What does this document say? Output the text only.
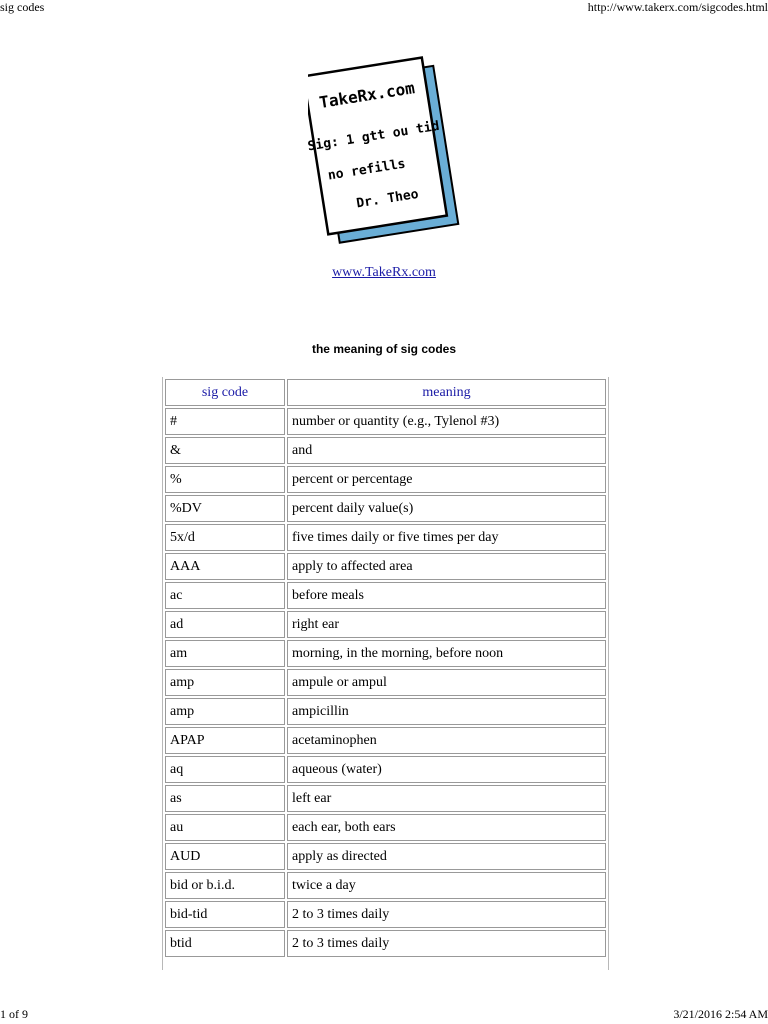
sig codes	http://www.takerx.com/sigcodes.html
TakeRx.com
Sig: 1 gtt ou tid
no refills
Dr. Theo
www.TakeRx.com
the meaning of sig codes
sig code	meaning
#	number or quantity (e.g., Tylenol #3)
&	and
%	percent or percentage
%DV	percent daily value(s)
5x/d	five times daily or five times per day
AAA	apply to affected area
ac	before meals
ad	right ear
am	morning, in the morning, before noon
amp	ampule or ampul
amp	ampicillin
APAP	acetaminophen
aq	aqueous (water)
as	left ear
au	each ear, both ears
AUD	apply as directed
bid or b.i.d.	twice a day
bid-tid	2 to 3 times daily
btid	2 to 3 times daily
1 of 9	3/21/2016 2:54 AM
